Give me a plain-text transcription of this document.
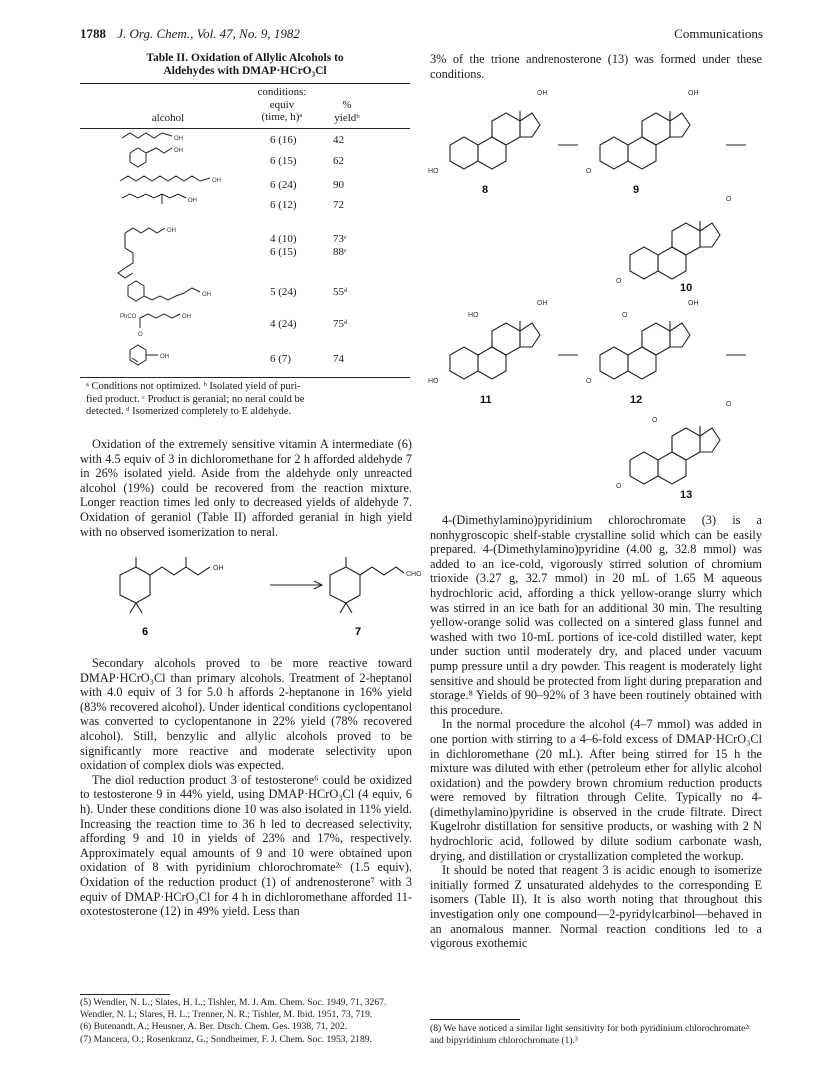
1788 J. Org. Chem., Vol. 47, No. 9, 1982	Communications
Table II. Oxidation of Allylic Alcohols to
Aldehydes with DMAP·HCrO₃Cl
alcohol
conditions:
equiv
(time, h)ᵃ
%
yieldᵇ
6 (16)	42
6 (15)	62
6 (24)	90
6 (12)	72
4 (10)	73ᶜ
6 (15)	88ᶜ
5 (24)	55ᵈ
4 (24)	75ᵈ
6 (7)	74
OH
OH
OH
OH
OH
OH
OH
OH
PhCO
O
ᵃ Conditions not optimized. ᵇ Isolated yield of puri-
fied product. ᶜ Product is geranial; no neral could be
detected. ᵈ Isomerized completely to E aldehyde.

Oxidation of the extremely sensitive vitamin A intermediate (6) with 4.5 equiv of 3 in dichloromethane for 2 h afforded aldehyde 7 in 26% isolated yield. Aside from the aldehyde only unreacted alcohol (19%) could be recovered from the reaction mixture. Longer reaction times led only to decreased yields of aldehyde 7. Oxidation of geraniol (Table II) afforded geranial in high yield with no observed isomerization to neral.

OH
CHO
6	7

Secondary alcohols proved to be more reactive toward DMAP·HCrO₃Cl than primary alcohols. Treatment of 2-heptanol with 4.0 equiv of 3 for 5.0 h affords 2-heptanone in 16% yield (83% recovered alcohol). Under identical conditions cyclopentanol was converted to cyclopentanone in 22% yield (78% recovered alcohol). Still, benzylic and allylic alcohols proved to be significantly more reactive and moderate selectivity upon oxidation of complex diols was expected.

The diol reduction product 3 of testosterone⁶ could be oxidized to testosterone 9 in 44% yield, using DMAP·HCrO₃Cl (4 equiv, 6 h). Under these conditions dione 10 was also isolated in 11% yield. Increasing the reaction time to 36 h led to decreased selectivity, affording 9 and 10 in yields of 23% and 17%, respectively. Approximately equal amounts of 9 and 10 were obtained upon oxidation of 8 with pyridinium chlorochromate²ᶜ (1.5 equiv). Oxidation of the reduction product (1) of andrenosterone⁷ with 3 equiv of DMAP·HCrO₃Cl for 4 h in dichloromethane afforded 11-oxotestosterone (12) in 49% yield. Less than

(5) Wendler, N. L.; Slates, H. L.; Tishler, M. J. Am. Chem. Soc. 1949, 71, 3267. Wendler, N. L; Slares, H. L.; Trenner, N. R.; Tishler, M. Ibid. 1951, 73, 719.

(6) Butenandt, A.; Heusner, A. Ber. Dtsch. Chem. Ges. 1938, 71, 202.

(7) Mancera, O.; Rosenkranz, G.; Sondheimer, F. J. Chem. Soc. 1953, 2189.

3% of the trione andrenosterone (13) was formed under these conditions.

HO
OH
O
OH
O
O
HO
HO
OH
O
O
OH
O
O
O
8	9
10
11	12
13

4-(Dimethylamino)pyridinium chlorochromate (3) is a nonhygroscopic shelf-stable crystalline solid which can be easily prepared. 4-(Dimethylamino)pyridine (4.00 g, 32.8 mmol) was added to an ice-cold, vigorously stirred solution of chromium trioxide (3.27 g, 32.7 mmol) in 20 mL of 1.65 M aqueous hydrochloric acid, affording a thick yellow-orange slurry which was stirred in an ice bath for an additional 30 min. The resulting yellow-orange solid was collected on a sintered glass funnel and washed with two 10-mL portions of ice-cold distilled water, kept under suction until moderately dry, and placed under vacuum pump pressure until a dry powder. This reagent is moderately light sensitive and should be protected from light during preparation and storage.⁸ Yields of 90–92% of 3 have been routinely obtained with this procedure.

In the normal procedure the alcohol (4–7 mmol) was added in one portion with stirring to a 4–6-fold excess of DMAP·HCrO₃Cl in dichloromethane (20 mL). After being stirred for 15 h the mixture was diluted with ether (petroleum ether for allylic alcohol oxidation) and the powdery brown chromium reduction products were removed by filtration through Celite. Typically no 4-(dimethylamino)pyridine is observed in the crude filtrate. Direct Kugelrohr distillation for sensitive products, or washing with 2 N hydrochloric acid, followed by dilute sodium carbonate wash, drying, and distillation or crystallization completed the workup.

It should be noted that reagent 3 is acidic enough to isomerize initially formed Z unsaturated aldehydes to the corresponding E isomers (Table II). It is also worth noting that throughout this investigation only one compound—2-pyridylcarbinol—behaved in an anomalous manner. Normal reaction conditions led to a vigorous exothemic

(8) We have noticed a similar light sensitivity for both pyridinium chlorochromate²ᶜ and bipyridinium chlorochromate (1).³
